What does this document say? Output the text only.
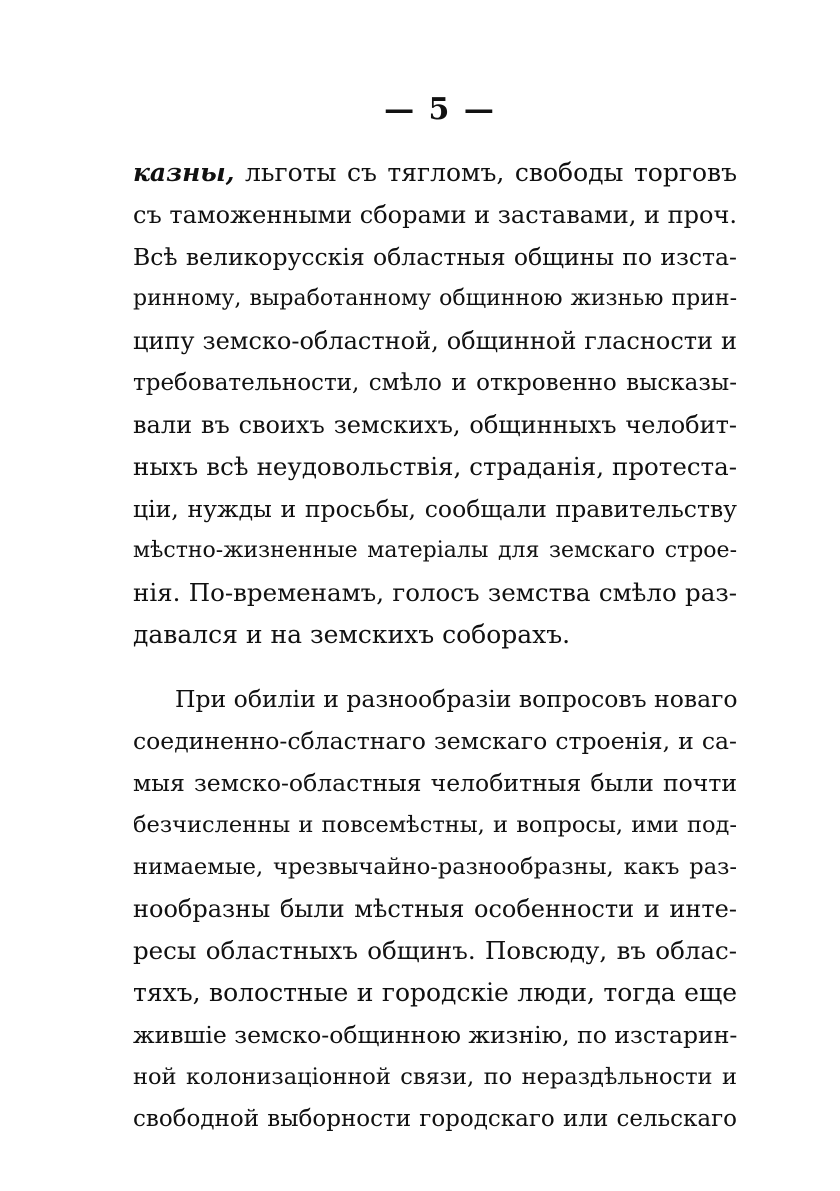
— 5 —
казны, льготы съ тягломъ, свободы торговъ
съ таможенными сборами и заставами, и проч.
Всѣ великорусскія областныя общины по изста-
ринному, выработанному общинною жизнью прин-
ципу земско-областной, общинной гласности и
требовательности, смѣло и откровенно высказы-
вали въ своихъ земскихъ, общинныхъ челобит-
ныхъ всѣ неудовольствія, страданія, протеста-
ціи, нужды и просьбы, сообщали правительству
мѣстно-жизненные матеріалы для земскаго строе-
нія. По-временамъ, голосъ земства смѣло раз-
давался и на земскихъ соборахъ.
При обиліи и разнообразіи вопросовъ новаго
соединенно-сбластнаго земскаго строенія, и са-
мыя земско-областныя челобитныя были почти
безчисленны и повсемѣстны, и вопросы, ими под-
нимаемые, чрезвычайно-разнообразны, какъ раз-
нообразны были мѣстныя особенности и инте-
ресы областныхъ общинъ. Повсюду, въ облас-
тяхъ, волостные и городскіе люди, тогда еще
жившіе земско-общинною жизнію, по изстарин-
ной колонизаціонной связи, по нераздѣльности и
свободной выборности городскаго или сельскаго
